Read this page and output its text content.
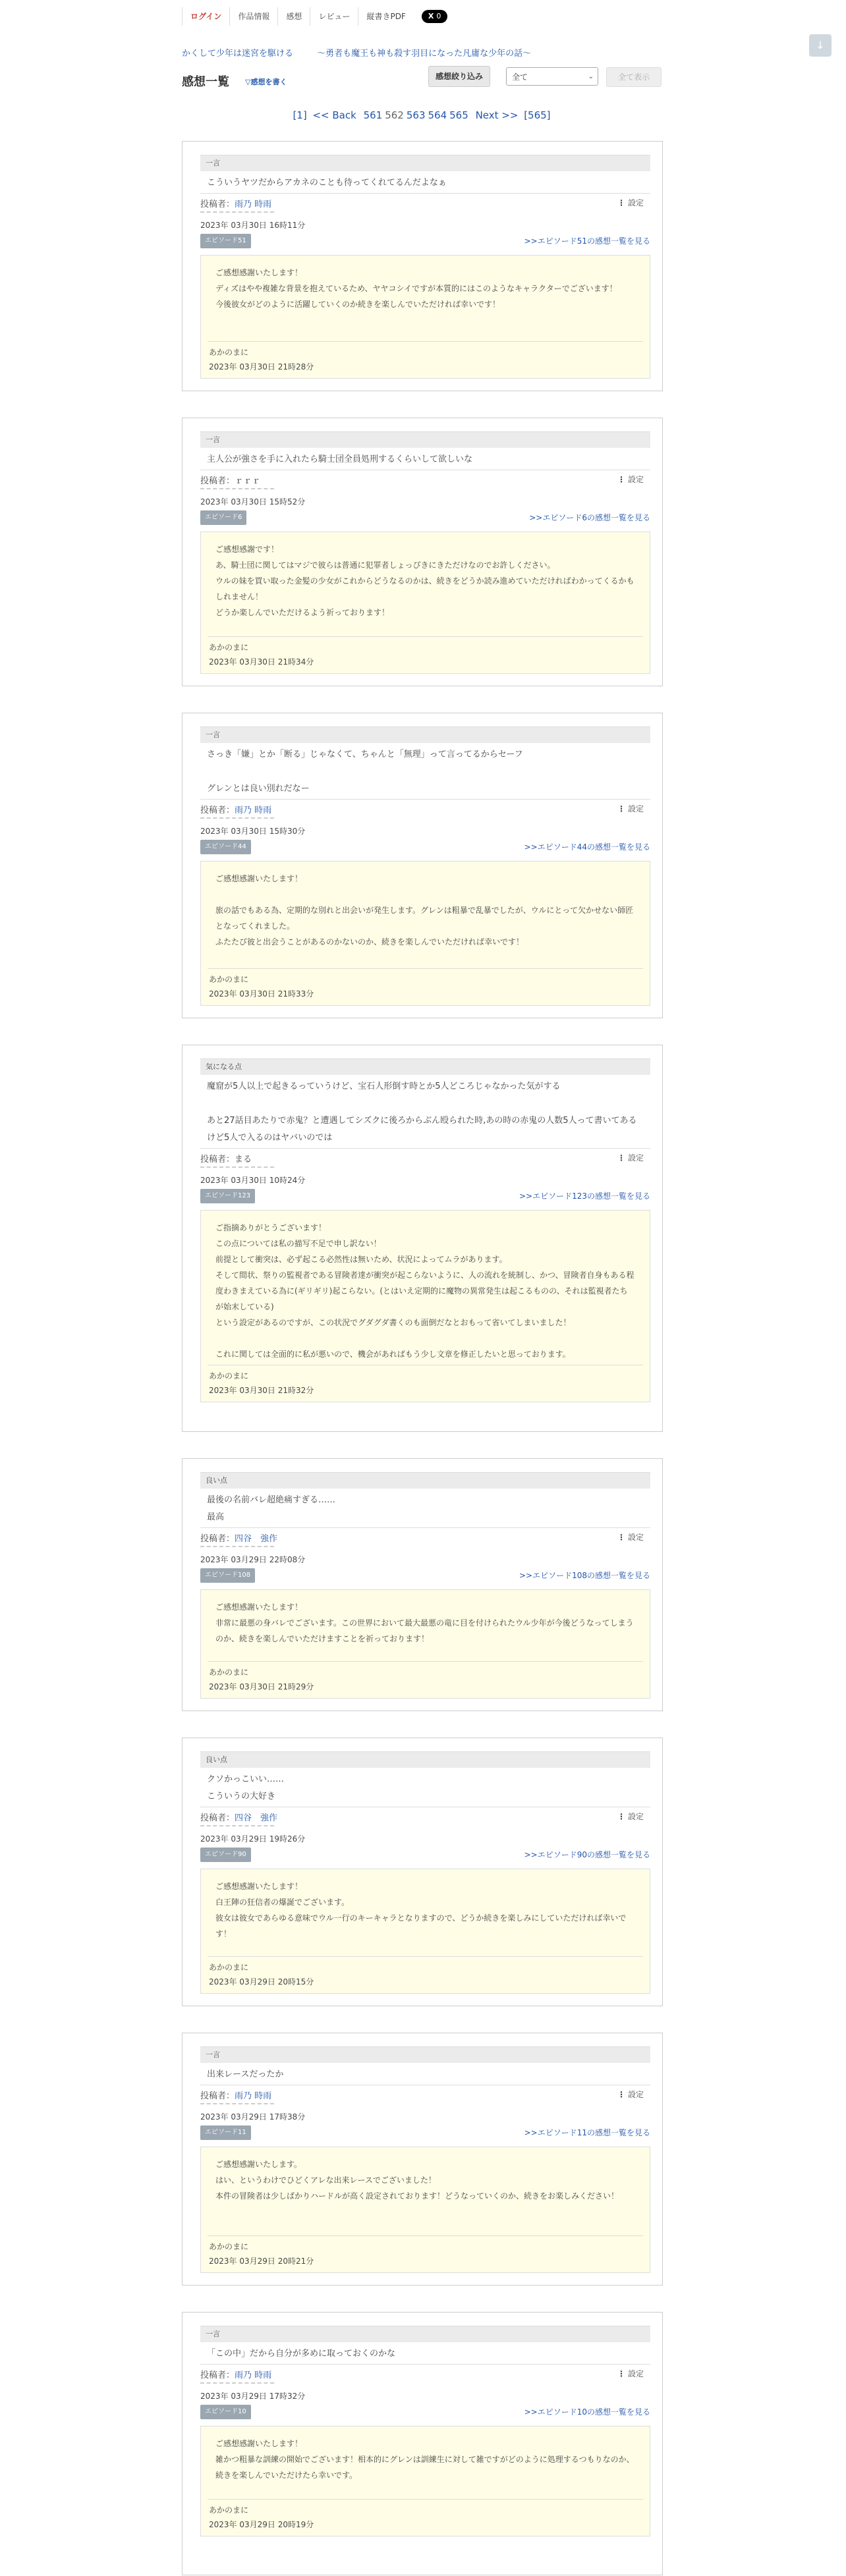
ログイン	作品情報	感想	レビュー	縦書きPDF	X 0
↓
かくして少年は迷宮を駆ける	〜勇者も魔王も神も殺す羽目になった凡庸な少年の話〜
感想一覧 ▽感想を書く
感想絞り込み	全て	⌄	全て表示
[1] << Back 561 562 563 564 565 Next >> [565]
一言
こういうヤツだからアカネのことも待ってくれてるんだよなぁ
投稿者：雨乃 時雨	⋮ 設定
2023年 03月30日 16時11分
エピソード51	>>エピソード51の感想一覧を見る
ご感想感謝いたします！
ディズはやや複雑な背景を抱えているため、ヤヤコシイですが本質的にはこのようなキャラクターでございます！
今後彼女がどのように活躍していくのか続きを楽しんでいただければ幸いです！
あかのまに
2023年 03月30日 21時28分
一言
主人公が強さを手に入れたら騎士団全員処刑するくらいして欲しいな
投稿者：ｒｒｒ	⋮ 設定
2023年 03月30日 15時52分
エピソード6	>>エピソード6の感想一覧を見る
ご感想感謝です！
あ、騎士団に関してはマジで彼らは普通に犯罪者しょっぴきにきただけなのでお許しください。
ウルの妹を買い取った金髪の少女がこれからどうなるのかは、続きをどうか読み進めていただければわかってくるかもしれません！
どうか楽しんでいただけるよう祈っております！
あかのまに
2023年 03月30日 21時34分
一言
さっき「嫌」とか「断る」じゃなくて、ちゃんと「無理」って言ってるからセーフ

グレンとは良い別れだなー
投稿者：雨乃 時雨	⋮ 設定
2023年 03月30日 15時30分
エピソード44	>>エピソード44の感想一覧を見る
ご感想感謝いたします！

旅の話でもある為、定期的な別れと出会いが発生します。グレンは粗暴で乱暴でしたが、ウルにとって欠かせない師匠となってくれました。
ふたたび彼と出会うことがあるのかないのか、続きを楽しんでいただければ幸いです！
あかのまに
2023年 03月30日 21時33分
気になる点
魔窟が5人以上で起きるっていうけど、宝石人形倒す時とか5人どころじゃなかった気がする

あと27話目あたりで赤鬼？と遭遇してシズクに後ろからぶん殴られた時,あの時の赤鬼の人数5人って書いてあるけど5人で入るのはヤバいのでは
投稿者：まる	⋮ 設定
2023年 03月30日 10時24分
エピソード123	>>エピソード123の感想一覧を見る
ご指摘ありがとうございます！
この点については私の描写不足で申し訳ない！
前提として衝突は、必ず起こる必然性は無いため、状況によってムラがあります。
そして間状、祭りの監視者である冒険者達が衝突が起こらないように、人の流れを統制し、かつ、冒険者自身もある程度わきまえている為に(ギリギリ)起こらない。(とはいえ定期的に魔物の異常発生は起こるものの、それは監視者たちが始末している)
という設定があるのですが、この状況でグダグダ書くのも面倒だなとおもって省いてしまいました！

これに関しては全面的に私が悪いので、機会があればもう少し文章を修正したいと思っております。
あかのまに
2023年 03月30日 21時32分
良い点
最後の名前バレ超絶痛すぎる……
最高
投稿者：四谷　強作	⋮ 設定
2023年 03月29日 22時08分
エピソード108	>>エピソード108の感想一覧を見る
ご感想感謝いたします！
非常に最悪の身バレでございます。この世界において最大最悪の竜に目を付けられたウル少年が今後どうなってしまうのか、続きを楽しんでいただけますことを祈っております！
あかのまに
2023年 03月30日 21時29分
良い点
クソかっこいい……
こういうの大好き
投稿者：四谷　強作	⋮ 設定
2023年 03月29日 19時26分
エピソード90	>>エピソード90の感想一覧を見る
ご感想感謝いたします！
白王陣の狂信者の爆誕でございます。
彼女は彼女であらゆる意味でウル一行のキーキャラとなりますので、どうか続きを楽しみにしていただければ幸いです！
あかのまに
2023年 03月29日 20時15分
一言
出来レースだったか
投稿者：雨乃 時雨	⋮ 設定
2023年 03月29日 17時38分
エピソード11	>>エピソード11の感想一覧を見る
ご感想感謝いたします。
はい、というわけでひどくアレな出来レースでございました！
本件の冒険者は少しばかりハードルが高く設定されております！どうなっていくのか、続きをお楽しみください！
あかのまに
2023年 03月29日 20時21分
一言
「この中」だから自分が多めに取っておくのかな
投稿者：雨乃 時雨	⋮ 設定
2023年 03月29日 17時32分
エピソード10	>>エピソード10の感想一覧を見る
ご感想感謝いたします！
雑かつ粗暴な訓練の開始でございます！相本的にグレンは訓練生に対して雑ですがどのように処理するつもりなのか、続きを楽しんでいただけたら幸いです。
あかのまに
2023年 03月29日 20時19分
